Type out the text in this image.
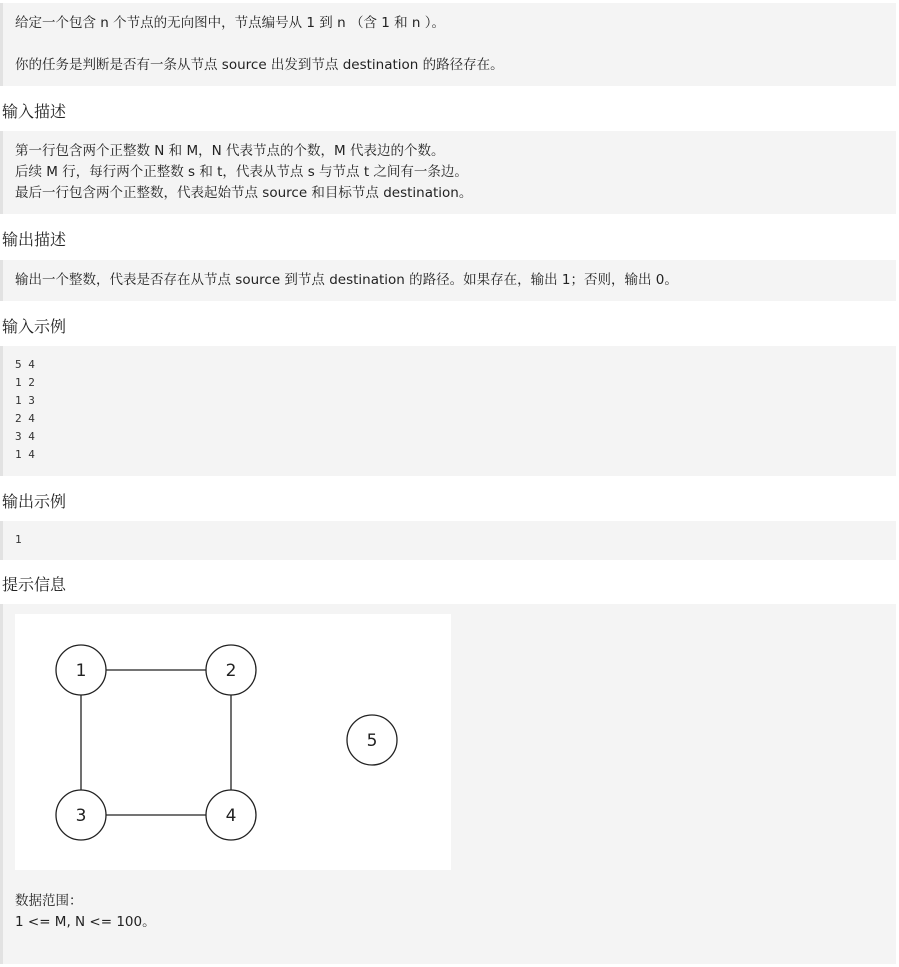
给定一个包含 n 个节点的无向图中，节点编号从 1 到 n （含 1 和 n ）。
你的任务是判断是否有一条从节点 source 出发到节点 destination 的路径存在。
输入描述
第一行包含两个正整数 N 和 M，N 代表节点的个数，M 代表边的个数。
后续 M 行，每行两个正整数 s 和 t，代表从节点 s 与节点 t 之间有一条边。
最后一行包含两个正整数，代表起始节点 source 和目标节点 destination。
输出描述
输出一个整数，代表是否存在从节点 source 到节点 destination 的路径。如果存在，输出 1；否则，输出 0。
输入示例
5 4
1 2
1 3
2 4
3 4
1 4
输出示例
1
提示信息
1	2
3	4
5
数据范围：
1 <= M, N <= 100。
